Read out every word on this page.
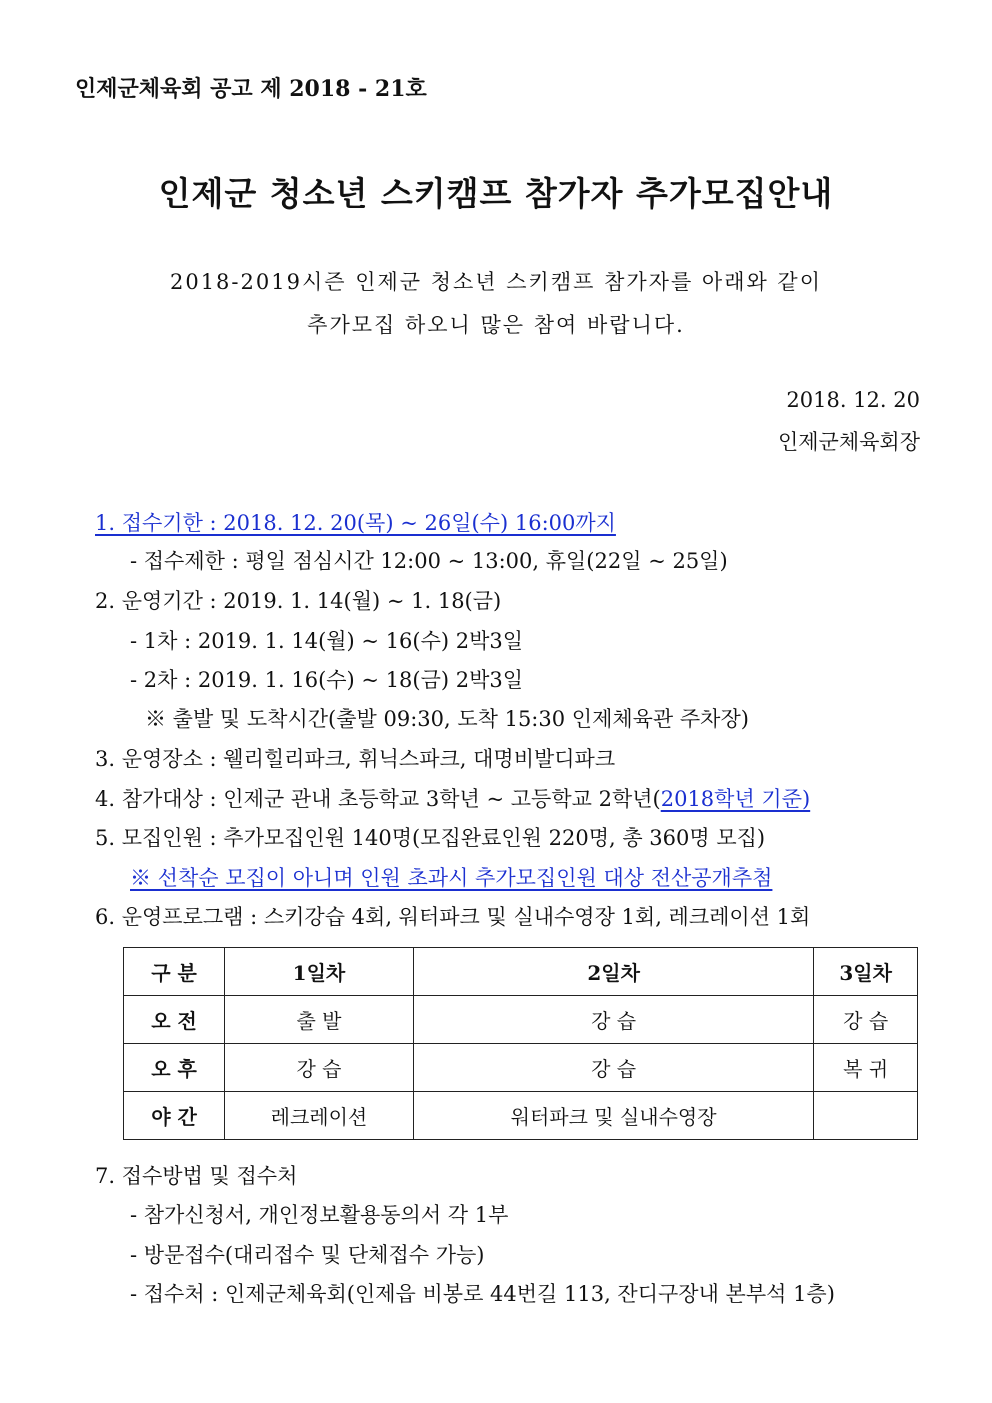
인제군체육회 공고 제 2018 - 21호
인제군 청소년 스키캠프 참가자 추가모집안내
2018-2019시즌 인제군 청소년 스키캠프 참가자를 아래와 같이
추가모집 하오니 많은 참여 바랍니다.
2018. 12. 20
인제군체육회장
1. 접수기한 : 2018. 12. 20(목) ~ 26일(수) 16:00까지
- 접수제한 : 평일 점심시간 12:00 ~ 13:00, 휴일(22일 ~ 25일)
2. 운영기간 : 2019. 1. 14(월) ∼ 1. 18(금)
- 1차 : 2019. 1. 14(월) ~ 16(수) 2박3일
- 2차 : 2019. 1. 16(수) ~ 18(금) 2박3일
※ 출발 및 도착시간(출발 09:30, 도착 15:30 인제체육관 주차장)
3. 운영장소 : 웰리힐리파크, 휘닉스파크, 대명비발디파크
4. 참가대상 : 인제군 관내 초등학교 3학년 ~ 고등학교 2학년(2018학년 기준)
5. 모집인원 : 추가모집인원 140명(모집완료인원 220명, 총 360명 모집)
※ 선착순 모집이 아니며 인원 초과시 추가모집인원 대상 전산공개추첨
6. 운영프로그램 : 스키강습 4회, 워터파크 및 실내수영장 1회, 레크레이션 1회
구 분	1일차	2일차	3일차
오 전	출 발	강 습	강 습
오 후	강 습	강 습	복 귀
야 간	레크레이션	워터파크 및 실내수영장	
7. 접수방법 및 접수처
- 참가신청서, 개인정보활용동의서 각 1부
- 방문접수(대리접수 및 단체접수 가능)
- 접수처 : 인제군체육회(인제읍 비봉로 44번길 113, 잔디구장내 본부석 1층)
